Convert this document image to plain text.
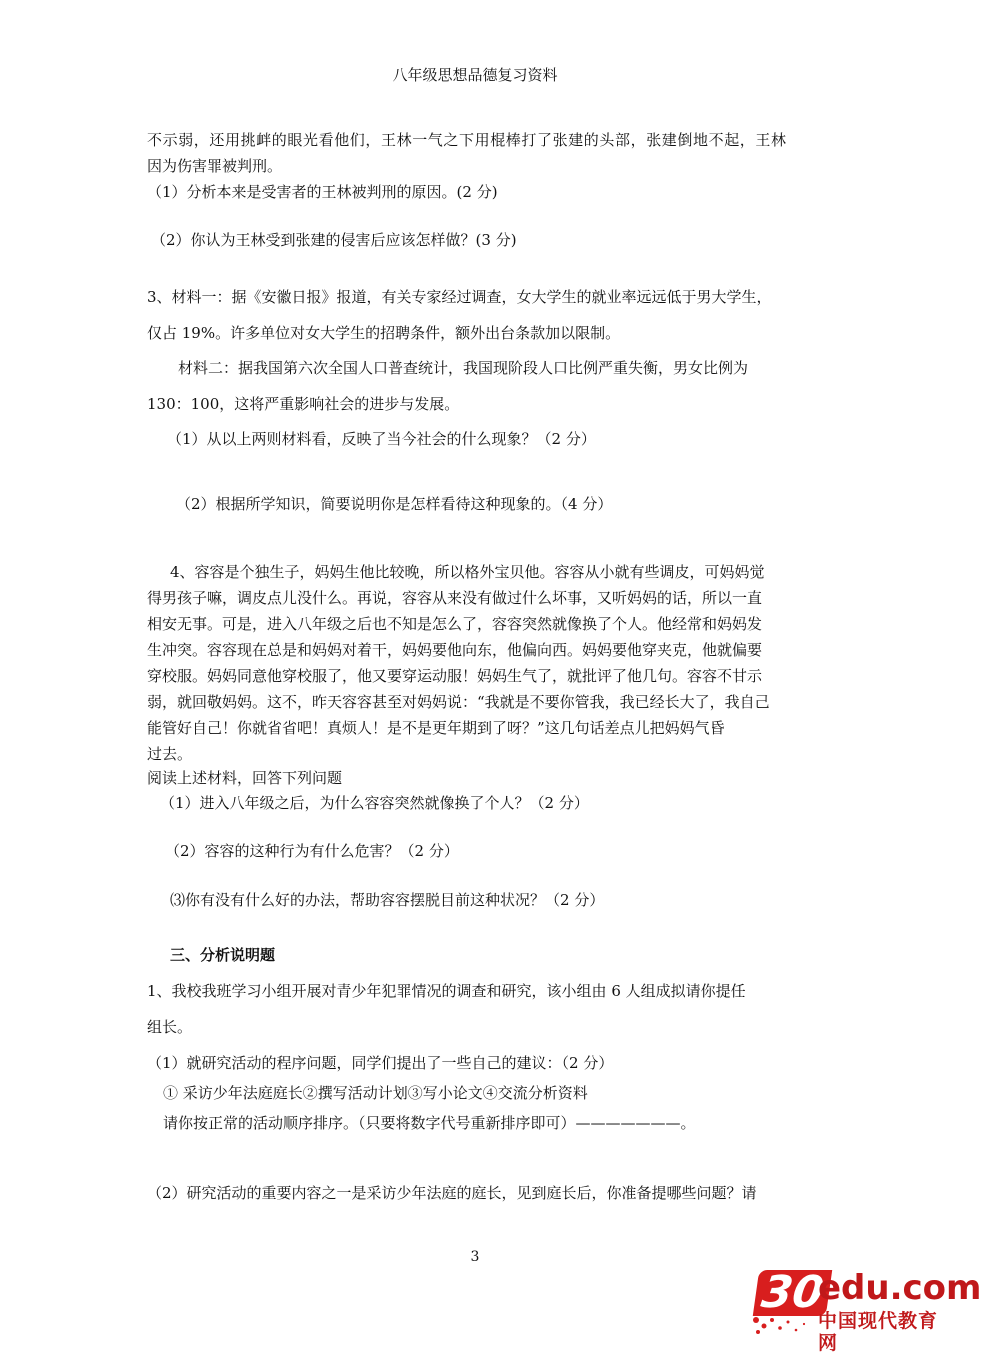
八年级思想品德复习资料
不示弱，还用挑衅的眼光看他们，王林一气之下用棍棒打了张建的头部，张建倒地不起，王林
因为伤害罪被判刑。
（1）分析本来是受害者的王林被判刑的原因。(2 分)
（2）你认为王林受到张建的侵害后应该怎样做？(3 分)
3、材料一：据《安徽日报》报道，有关专家经过调查，女大学生的就业率远远低于男大学生，
仅占 19%。许多单位对女大学生的招聘条件，额外出台条款加以限制。
材料二：据我国第六次全国人口普查统计，我国现阶段人口比例严重失衡，男女比例为
130：100，这将严重影响社会的进步与发展。
（1）从以上两则材料看，反映了当今社会的什么现象？（2 分）
（2）根据所学知识，简要说明你是怎样看待这种现象的。（4 分）
4、容容是个独生子，妈妈生他比较晚，所以格外宝贝他。容容从小就有些调皮，可妈妈觉
得男孩子嘛，调皮点儿没什么。再说，容容从来没有做过什么坏事，又听妈妈的话，所以一直
相安无事。可是，进入八年级之后也不知是怎么了，容容突然就像换了个人。他经常和妈妈发
生冲突。容容现在总是和妈妈对着干，妈妈要他向东，他偏向西。妈妈要他穿夹克，他就偏要
穿校服。妈妈同意他穿校服了，他又要穿运动服！妈妈生气了，就批评了他几句。容容不甘示
弱，就回敬妈妈。这不，昨天容容甚至对妈妈说：“我就是不要你管我，我已经长大了，我自己
能管好自己！你就省省吧！真烦人！是不是更年期到了呀？”这几句话差点儿把妈妈气昏
过去。
阅读上述材料，回答下列问题
（1）进入八年级之后，为什么容容突然就像换了个人？（2 分）
（2）容容的这种行为有什么危害？（2 分）
⑶你有没有什么好的办法，帮助容容摆脱目前这种状况？（2 分）
三、分析说明题
1、我校我班学习小组开展对青少年犯罪情况的调查和研究，该小组由 6 人组成拟请你提任
组长。
（1）就研究活动的程序问题，同学们提出了一些自己的建议：（2 分）
① 采访少年法庭庭长②撰写活动计划③写小论文④交流分析资料
请你按正常的活动顺序排序。（只要将数字代号重新排序即可）———————。
（2）研究活动的重要内容之一是采访少年法庭的庭长，见到庭长后，你准备提哪些问题？请
3
30
edu.com
中国现代教育网
